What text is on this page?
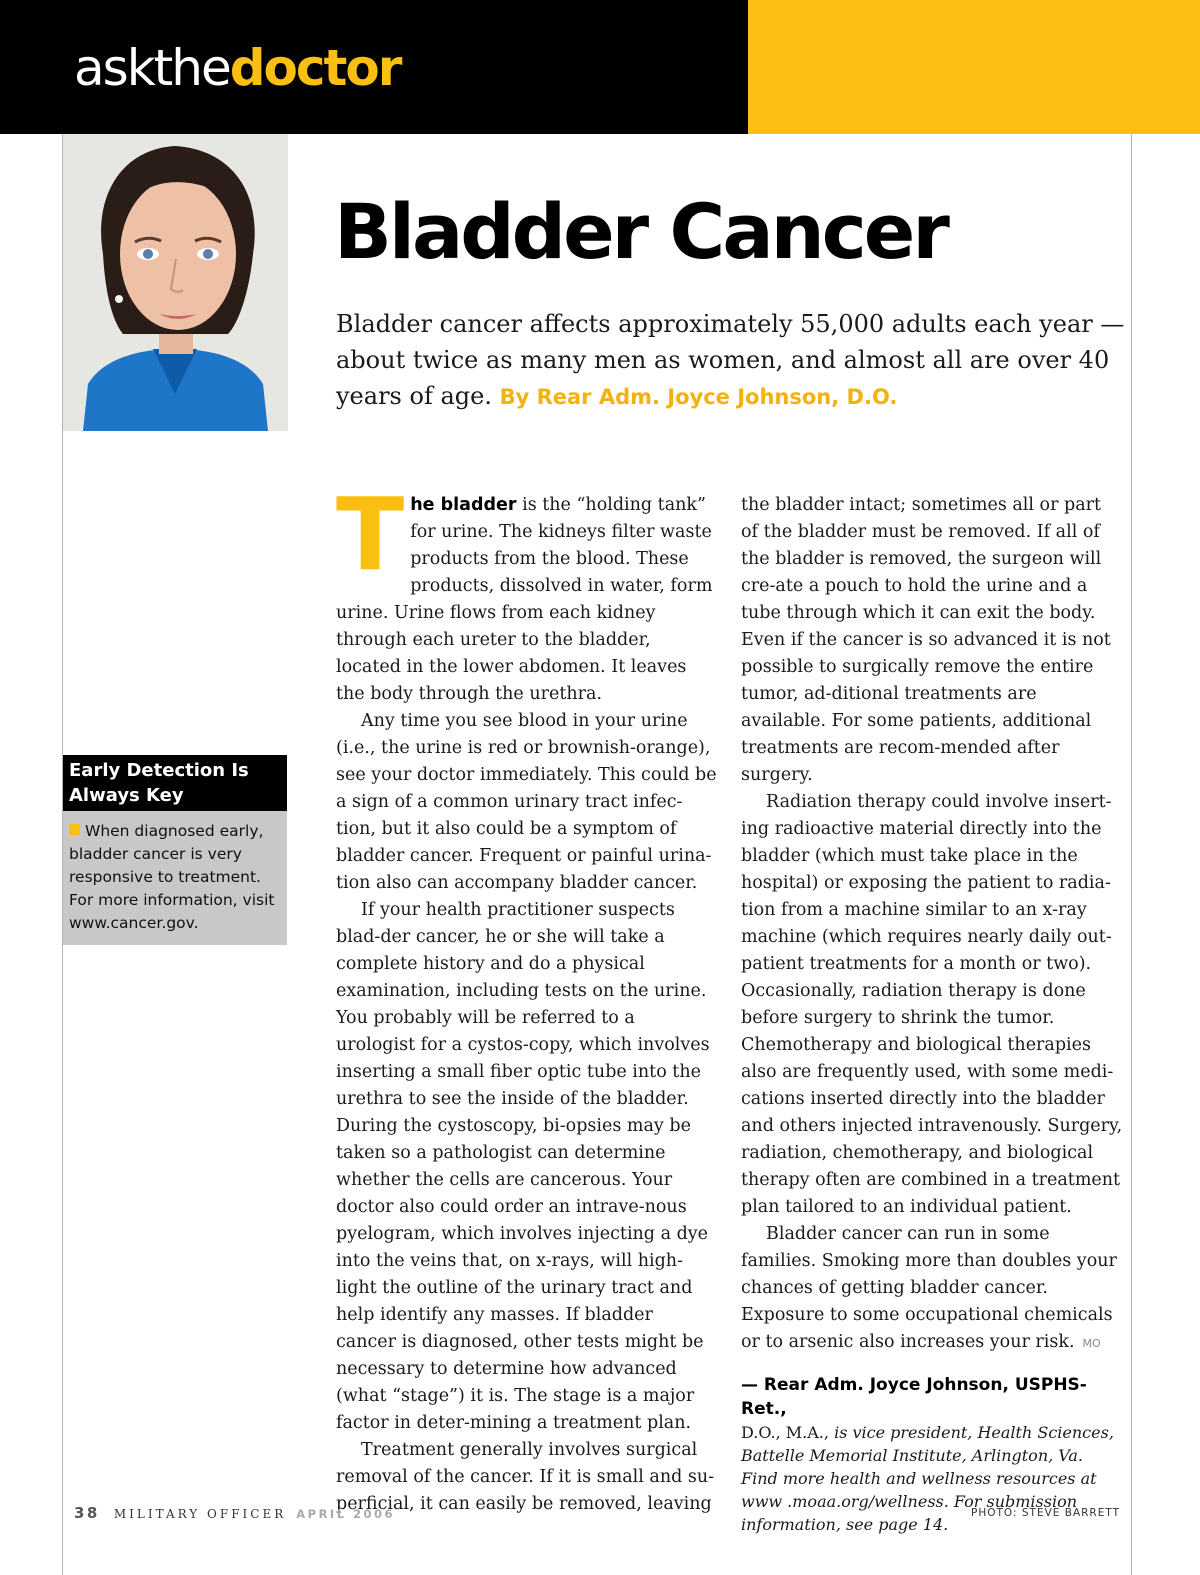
askthedoctor
Bladder Cancer
Bladder cancer affects approximately 55,000 adults each year — about twice as many men as women, and almost all are over 40 years of age. By Rear Adm. Joyce Johnson, D.O.
Early Detection Is Always Key
When diagnosed early, bladder cancer is very responsive to treatment. For more information, visit www.cancer.gov.

The bladder is the “holding tank” for urine. The kidneys filter waste products from the blood. These products, dissolved in water, form urine. Urine flows from each kidney through each ureter to the bladder, located in the lower abdomen. It leaves the body through the urethra.

Any time you see blood in your urine (i.e., the urine is red or brownish-orange), see your doctor immediately. This could be a sign of a common urinary tract infec-tion, but it also could be a symptom of bladder cancer. Frequent or painful urina-tion also can accompany bladder cancer.

If your health practitioner suspects blad-der cancer, he or she will take a complete history and do a physical examination, including tests on the urine. You probably will be referred to a urologist for a cystos-copy, which involves inserting a small fiber optic tube into the urethra to see the inside of the bladder. During the cystoscopy, bi-opsies may be taken so a pathologist can determine whether the cells are cancerous. Your doctor also could order an intrave-nous pyelogram, which involves injecting a dye into the veins that, on x-rays, will high-light the outline of the urinary tract and help identify any masses. If bladder cancer is diagnosed, other tests might be necessary to determine how advanced (what “stage”) it is. The stage is a major factor in deter-mining a treatment plan.

Treatment generally involves surgical removal of the cancer. If it is small and su-perficial, it can easily be removed, leaving

the bladder intact; sometimes all or part of the bladder must be removed. If all of the bladder is removed, the surgeon will cre-ate a pouch to hold the urine and a tube through which it can exit the body. Even if the cancer is so advanced it is not possible to surgically remove the entire tumor, ad-ditional treatments are available. For some patients, additional treatments are recom-mended after surgery.

Radiation therapy could involve insert-ing radioactive material directly into the bladder (which must take place in the hospital) or exposing the patient to radia-tion from a machine similar to an x-ray machine (which requires nearly daily out-patient treatments for a month or two). Occasionally, radiation therapy is done before surgery to shrink the tumor. Chemotherapy and biological therapies also are frequently used, with some medi-cations inserted directly into the bladder and others injected intravenously. Surgery, radiation, chemotherapy, and biological therapy often are combined in a treatment plan tailored to an individual patient.

Bladder cancer can run in some families. Smoking more than doubles your chances of getting bladder cancer. Exposure to some occupational chemicals or to arsenic also increases your risk. MO

— Rear Adm. Joyce Johnson, USPHS-Ret.,
D.O., M.A., is vice president, Health Sciences, Battelle Memorial Institute, Arlington, Va. Find more health and wellness resources at www .moaa.org/wellness. For submission information, see page 14.
38 MILITARY OFFICER APRIL 2006	PHOTO: STEVE BARRETT
